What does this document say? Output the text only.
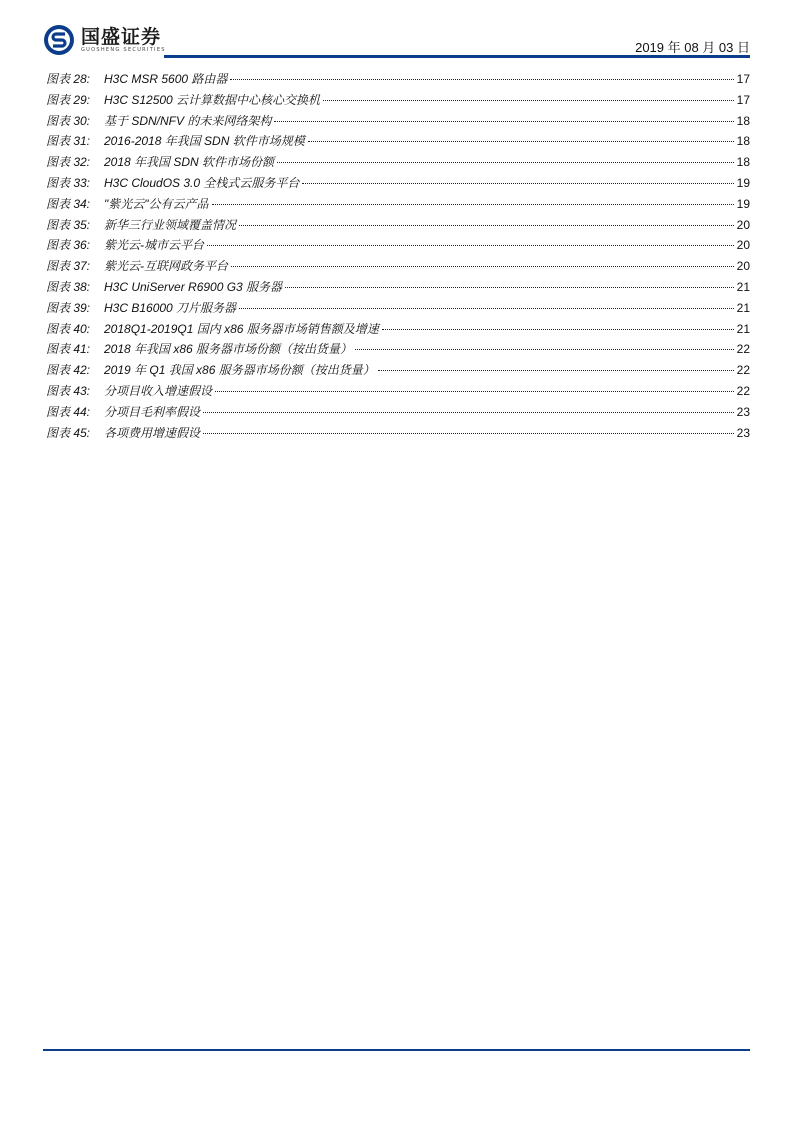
国盛证券
GUOSHENG SECURITIES	2019 年 08 月 03 日
图表 28:	H3C MSR 5600 路由器	17
图表 29:	H3C S12500 云计算数据中心核心交换机	17
图表 30:	基于 SDN/NFV 的未来网络架构	18
图表 31:	2016-2018 年我国 SDN 软件市场规模	18
图表 32:	2018 年我国 SDN 软件市场份额	18
图表 33:	H3C CloudOS 3.0 全栈式云服务平台	19
图表 34:	"紫光云"公有云产品	19
图表 35:	新华三行业领域覆盖情况	20
图表 36:	紫光云-城市云平台	20
图表 37:	紫光云-互联网政务平台	20
图表 38:	H3C UniServer R6900 G3 服务器	21
图表 39:	H3C B16000 刀片服务器	21
图表 40:	2018Q1-2019Q1 国内 x86 服务器市场销售额及增速	21
图表 41:	2018 年我国 x86 服务器市场份额（按出货量）	22
图表 42:	2019 年 Q1 我国 x86 服务器市场份额（按出货量）	22
图表 43:	分项目收入增速假设	22
图表 44:	分项目毛利率假设	23
图表 45:	各项费用增速假设	23
